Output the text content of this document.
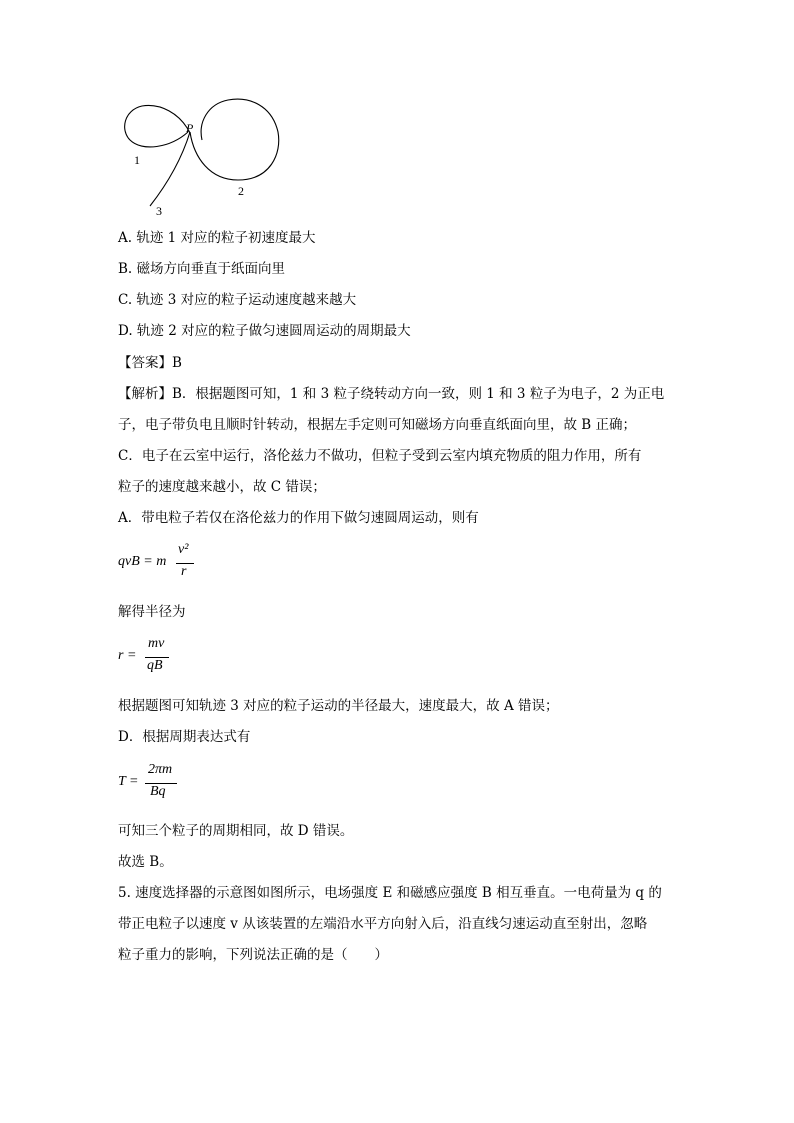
P
1
2
3
A. 轨迹 1 对应的粒子初速度最大
B. 磁场方向垂直于纸面向里
C. 轨迹 3 对应的粒子运动速度越来越大
D. 轨迹 2 对应的粒子做匀速圆周运动的周期最大
【答案】B
【解析】B．根据题图可知，1 和 3 粒子绕转动方向一致，则 1 和 3 粒子为电子，2 为正电
子，电子带负电且顺时针转动，根据左手定则可知磁场方向垂直纸面向里，故 B 正确；
C．电子在云室中运行，洛伦兹力不做功，但粒子受到云室内填充物质的阻力作用，所有
粒子的速度越来越小，故 C 错误；
A．带电粒子若仅在洛伦兹力的作用下做匀速圆周运动，则有
qvB = m
v²
r
解得半径为
r =
mv
qB
根据题图可知轨迹 3 对应的粒子运动的半径最大，速度最大，故 A 错误；
D．根据周期表达式有
T =
2πm
Bq
可知三个粒子的周期相同，故 D 错误。
故选 B。
5. 速度选择器的示意图如图所示，电场强度 E 和磁感应强度 B 相互垂直。一电荷量为 q 的
带正电粒子以速度 v 从该装置的左端沿水平方向射入后，沿直线匀速运动直至射出，忽略
粒子重力的影响，下列说法正确的是（　　）
